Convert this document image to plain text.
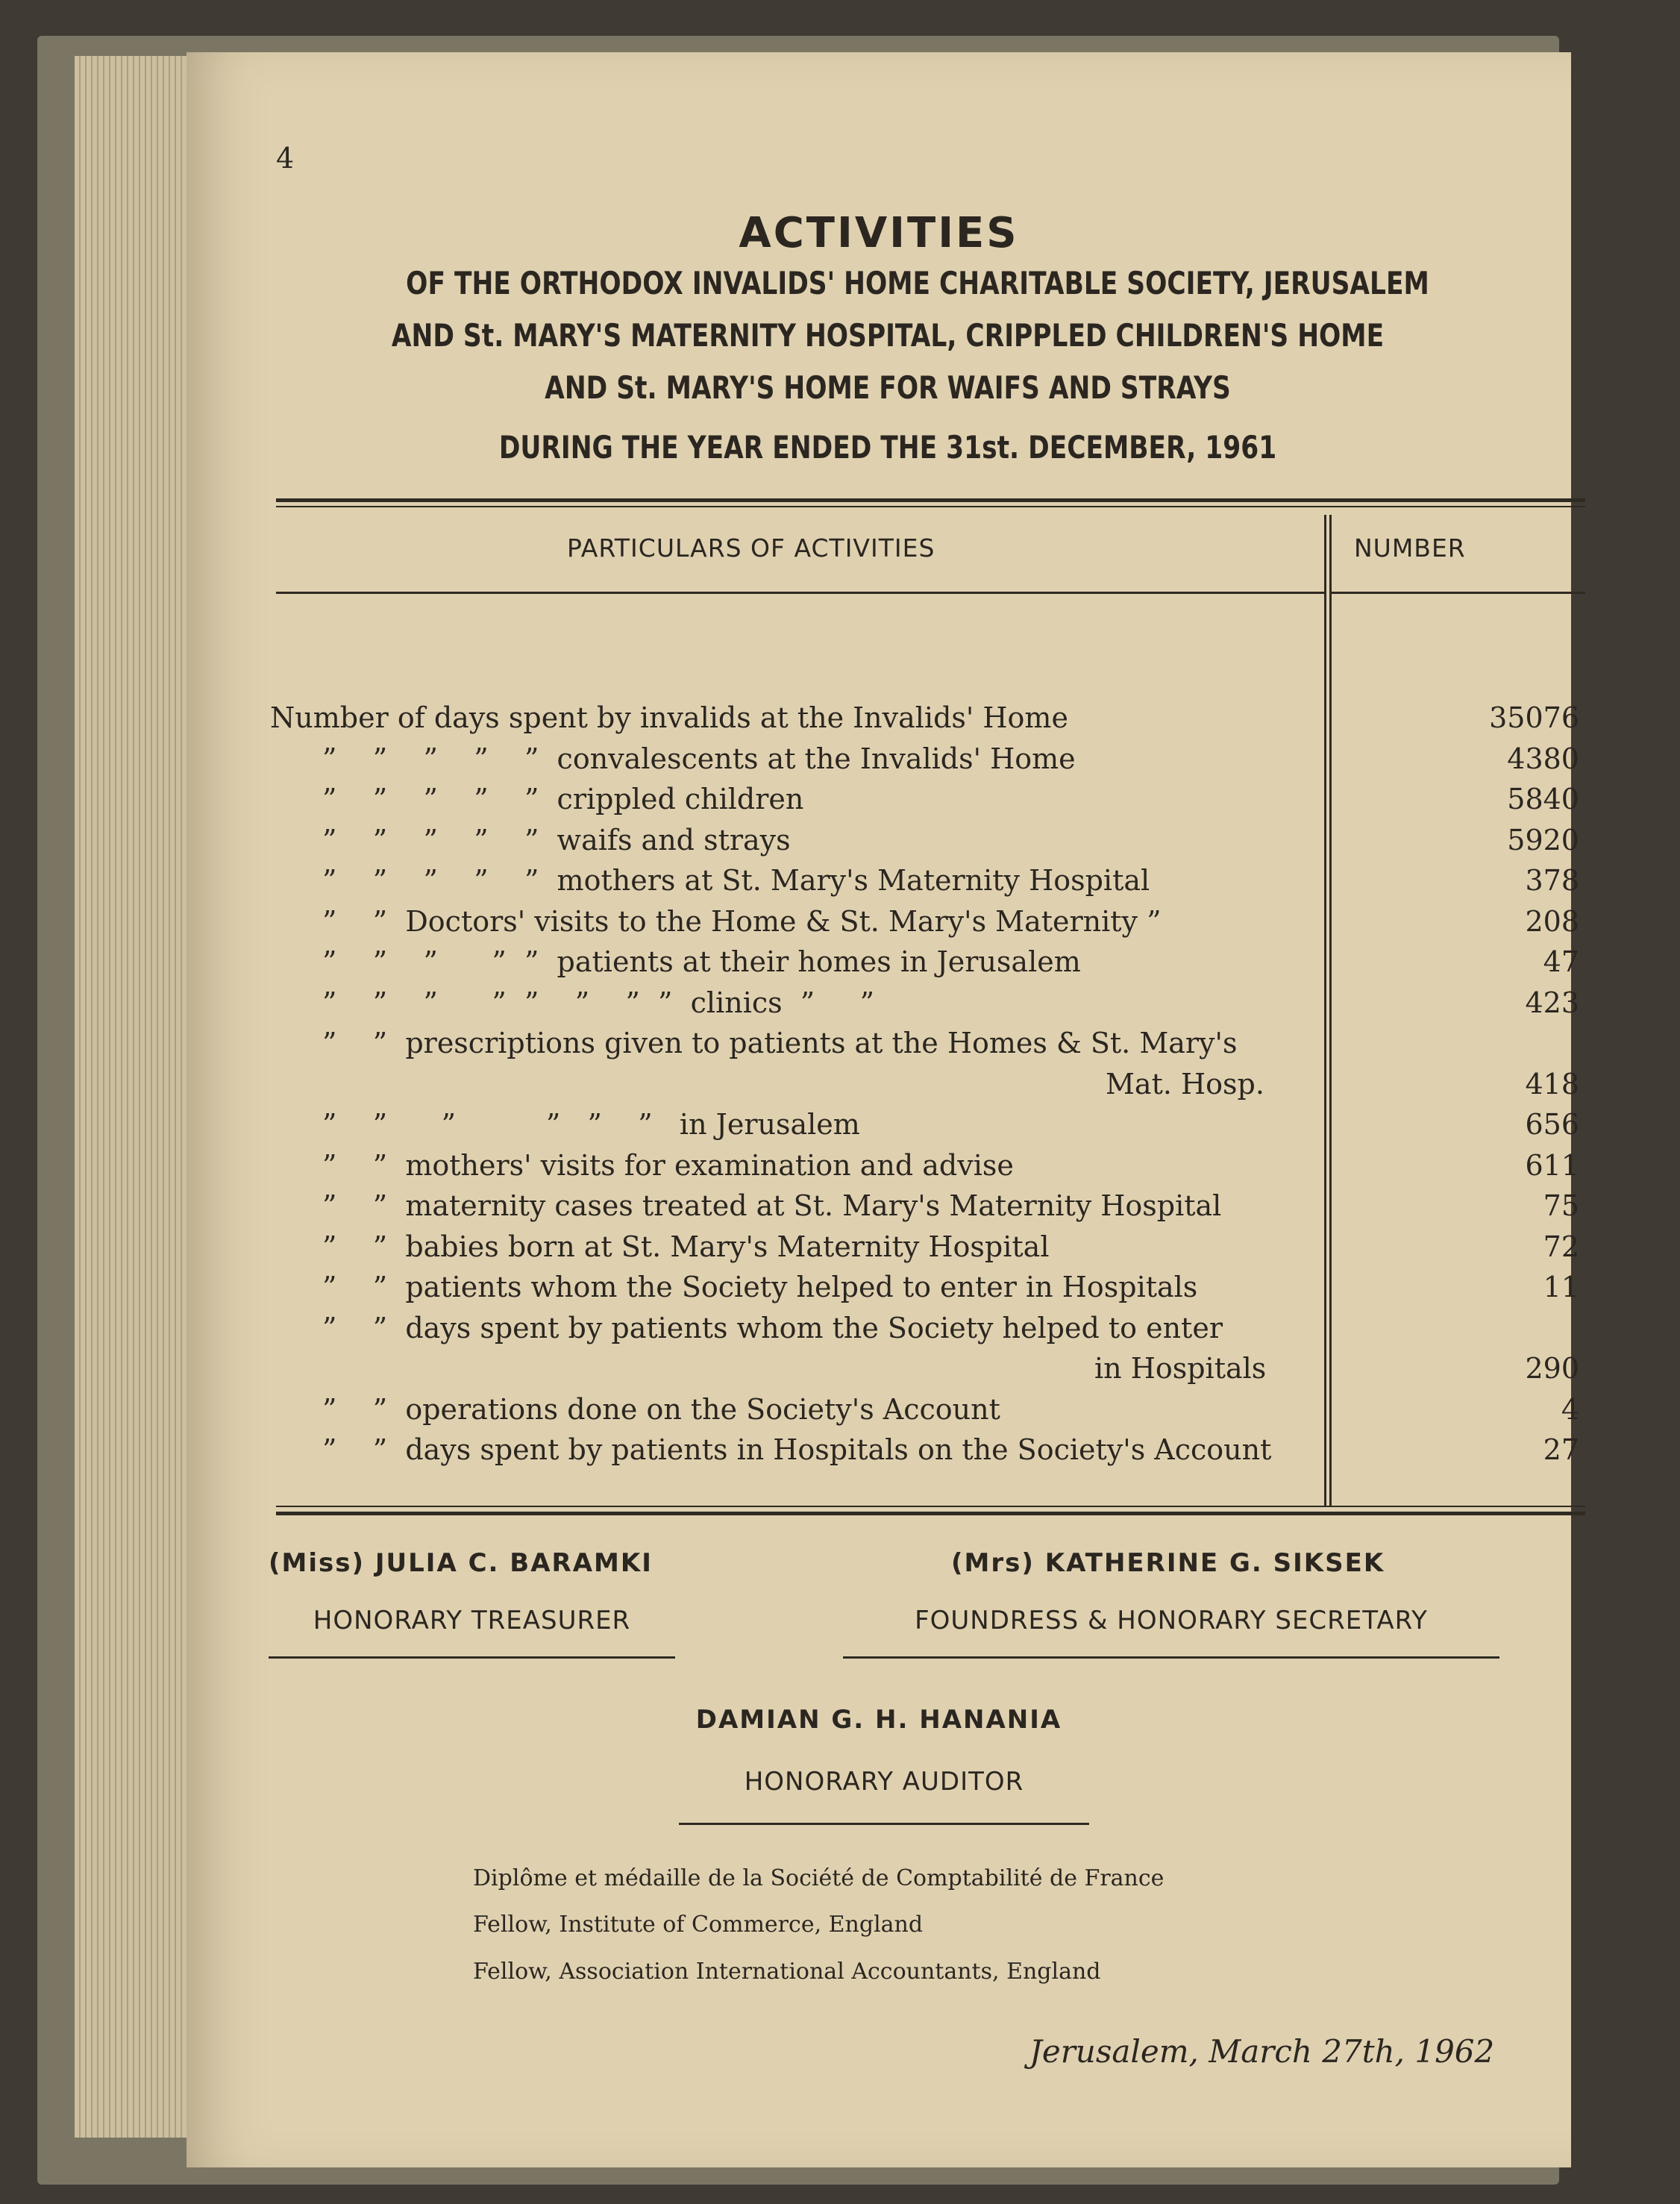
4
ACTIVITIES
OF THE ORTHODOX INVALIDS' HOME CHARITABLE SOCIETY, JERUSALEM
AND St. MARY'S MATERNITY HOSPITAL, CRIPPLED CHILDREN'S HOME
AND St. MARY'S HOME FOR WAIFS AND STRAYS
DURING THE YEAR ENDED THE 31st. DECEMBER, 1961
PARTICULARS OF ACTIVITIES	NUMBER
Number of days spent by invalids at the Invalids' Home	35076
”    ”    ”    ”    ”  convalescents at the Invalids' Home	4380
”    ”    ”    ”    ”  crippled children	5840
”    ”    ”    ”    ”  waifs and strays	5920
”    ”    ”    ”    ”  mothers at St. Mary's Maternity Hospital	378
”    ”  Doctors' visits to the Home & St. Mary's Maternity ”	208
”    ”    ”      ”  ”  patients at their homes in Jerusalem	47
”    ”    ”      ”  ”    ”    ”  ”  clinics  ”     ”	423
”    ”  prescriptions given to patients at the Homes & St. Mary's
Mat. Hosp.	418
”    ”      ”          ”   ”    ”   in Jerusalem	656
”    ”  mothers' visits for examination and advise	611
”    ”  maternity cases treated at St. Mary's Maternity Hospital	75
”    ”  babies born at St. Mary's Maternity Hospital	72
”    ”  patients whom the Society helped to enter in Hospitals	11
”    ”  days spent by patients whom the Society helped to enter
in Hospitals	290
”    ”  operations done on the Society's Account	4
”    ”  days spent by patients in Hospitals on the Society's Account	27
(Miss) JULIA C. BARAMKI
HONORARY TREASURER
(Mrs) KATHERINE G. SIKSEK
FOUNDRESS & HONORARY SECRETARY
DAMIAN G. H. HANANIA
HONORARY AUDITOR
Diplôme et médaille de la Société de Comptabilité de France
Fellow, Institute of Commerce, England
Fellow, Association International Accountants, England
Jerusalem, March 27th, 1962
